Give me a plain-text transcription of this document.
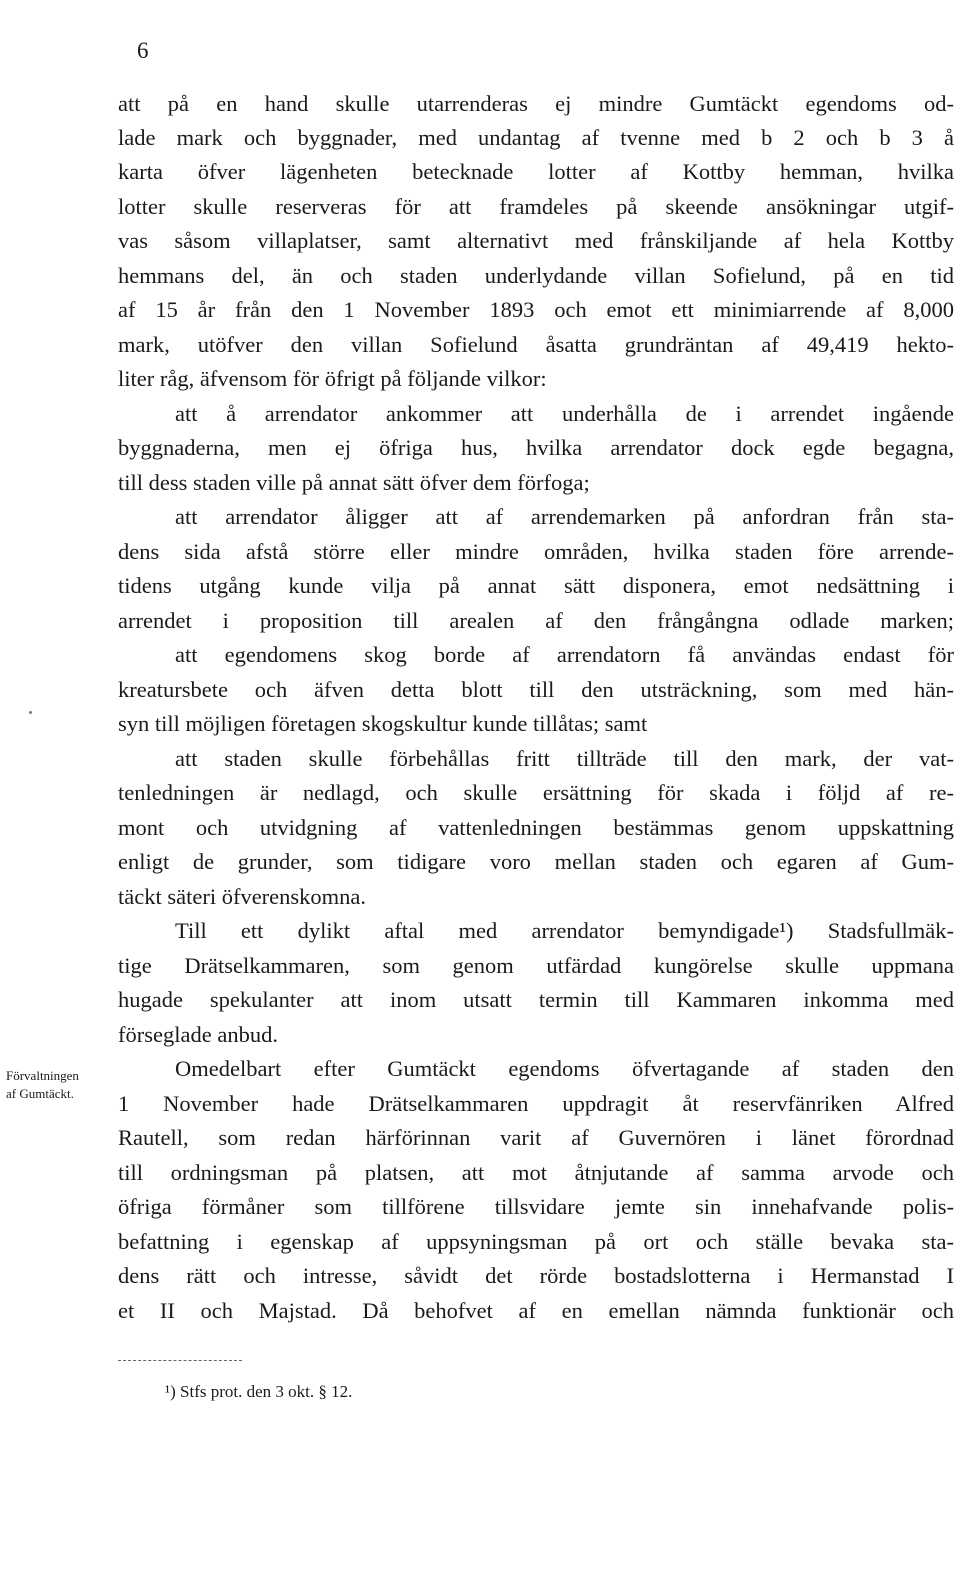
6
att på en hand skulle utarrenderas ej mindre Gumtäckt egendoms od-
lade mark och byggnader, med undantag af tvenne med b 2 och b 3 å
karta öfver lägenheten betecknade lotter af Kottby hemman, hvilka
lotter skulle reserveras för att framdeles på skeende ansökningar utgif-
vas såsom villaplatser, samt alternativt med frånskiljande af hela Kottby
hemmans del, än och staden underlydande villan Sofielund, på en tid
af 15 år från den 1 November 1893 och emot ett minimiarrende af 8,000
mark, utöfver den villan Sofielund åsatta grundräntan af 49,419 hekto-
liter råg, äfvensom för öfrigt på följande vilkor:
att å arrendator ankommer att underhålla de i arrendet ingående
byggnaderna, men ej öfriga hus, hvilka arrendator dock egde begagna,
till dess staden ville på annat sätt öfver dem förfoga;
att arrendator åligger att af arrendemarken på anfordran från sta-
dens sida afstå större eller mindre områden, hvilka staden före arrende-
tidens utgång kunde vilja på annat sätt disponera, emot nedsättning i
arrendet i proposition till arealen af den frångångna odlade marken;
att egendomens skog borde af arrendatorn få användas endast för
kreatursbete och äfven detta blott till den utsträckning, som med hän-
syn till möjligen företagen skogskultur kunde tillåtas; samt
att staden skulle förbehållas fritt tillträde till den mark, der vat-
tenledningen är nedlagd, och skulle ersättning för skada i följd af re-
mont och utvidgning af vattenledningen bestämmas genom uppskattning
enligt de grunder, som tidigare voro mellan staden och egaren af Gum-
täckt säteri öfverenskomna.
Till ett dylikt aftal med arrendator bemyndigade¹) Stadsfullmäk-
tige Drätselkammaren, som genom utfärdad kungörelse skulle uppmana
hugade spekulanter att inom utsatt termin till Kammaren inkomma med
förseglade anbud.
Omedelbart efter Gumtäckt egendoms öfvertagande af staden den
1 November hade Drätselkammaren uppdragit åt reservfänriken Alfred
Rautell, som redan härförinnan varit af Guvernören i länet förordnad
till ordningsman på platsen, att mot åtnjutande af samma arvode och
öfriga förmåner som tillförene tillsvidare jemte sin innehafvande polis-
befattning i egenskap af uppsyningsman på ort och ställe bevaka sta-
dens rätt och intresse, såvidt det rörde bostadslotterna i Hermanstad I
et II och Majstad. Då behofvet af en emellan nämnda funktionär och
Förvaltningen
af Gumtäckt.
¹) Stfs prot. den 3 okt. § 12.
